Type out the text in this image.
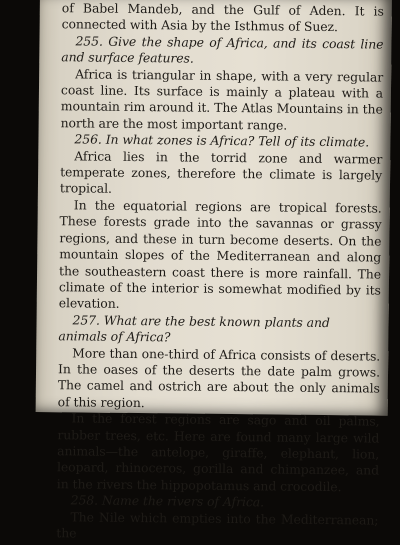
of Babel Mandeb, and the Gulf of Aden. It is connected with Asia by the Isthmus of Suez.

255. Give the shape of Africa, and its coast line and surface features.

Africa is triangular in shape, with a very regular coast line. Its surface is mainly a plateau with a mountain rim around it. The Atlas Mountains in the north are the most important range.

256. In what zones is Africa? Tell of its climate.

Africa lies in the torrid zone and warmer temperate zones, therefore the climate is largely tropical.

In the equatorial regions are tropical forests. These forests grade into the savannas or grassy regions, and these in turn become deserts. On the mountain slopes of the Mediterranean and along the southeastern coast there is more rainfall. The climate of the interior is somewhat modified by its elevation.

257. What are the best known plants and animals of Africa?

More than one-third of Africa consists of deserts. In the oases of the deserts the date palm grows. The camel and ostrich are about the only animals of this region.

In the forest regions are sago and oil palms, rubber trees, etc. Here are found many large wild animals—the antelope, giraffe, elephant, lion, leopard, rhinoceros, gorilla and chimpanzee, and in the rivers the hippopotamus and crocodile.

258. Name the rivers of Africa.

The Nile which empties into the Mediterranean; the
